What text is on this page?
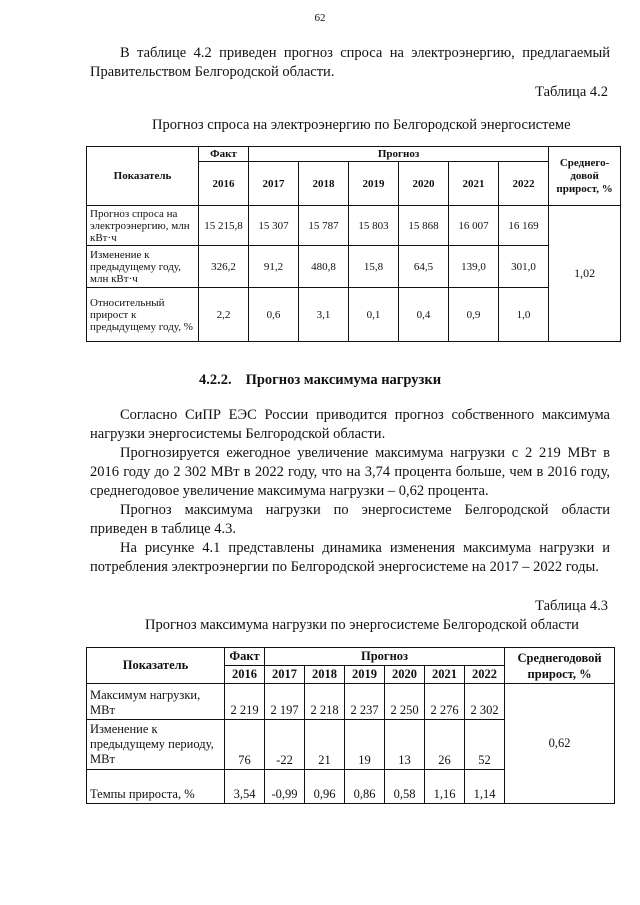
62

В таблице 4.2 приведен прогноз спроса на электроэнергию, предлагаемый Правительством Белгородской области.

Таблица 4.2
Прогноз спроса на электроэнергию по Белгородской энергосистеме
Показатель	Факт	Прогноз						Среднего-довой прирост, %
	2016	2017	2018	2019	2020	2021	2022	
Прогноз спроса на электроэнергию, млн кВт·ч	15 215,8	15 307	15 787	15 803	15 868	16 007	16 169	1,02
Изменение к предыдущему году, млн кВт·ч	326,2	91,2	480,8	15,8	64,5	139,0	301,0	
Относительный прирост к предыдущему году, %	2,2	0,6	3,1	0,1	0,4	0,9	1,0	
4.2.2. Прогноз максимума нагрузки

Согласно СиПР ЕЭС России приводится прогноз собственного максимума нагрузки энергосистемы Белгородской области.

Прогнозируется ежегодное увеличение максимума нагрузки с 2 219 МВт в 2016 году до 2 302 МВт в 2022 году, что на 3,74 процента больше, чем в 2016 году, среднегодовое увеличение максимума нагрузки – 0,62 процента.

Прогноз максимума нагрузки по энергосистеме Белгородской области приведен в таблице 4.3.

На рисунке 4.1 представлены динамика изменения максимума нагрузки и потребления электроэнергии по Белгородской энергосистеме на 2017 – 2022 годы.

Таблица 4.3
Прогноз максимума нагрузки по энергосистеме Белгородской области
Показатель	Факт	Прогноз						Среднегодовой прирост, %
	2016	2017	2018	2019	2020	2021	2022	
Максимум нагрузки, МВт	2 219	2 197	2 218	2 237	2 250	2 276	2 302	0,62
Изменение к предыдущему периоду, МВт	76	-22	21	19	13	26	52	
Темпы прироста, %	3,54	-0,99	0,96	0,86	0,58	1,16	1,14	
